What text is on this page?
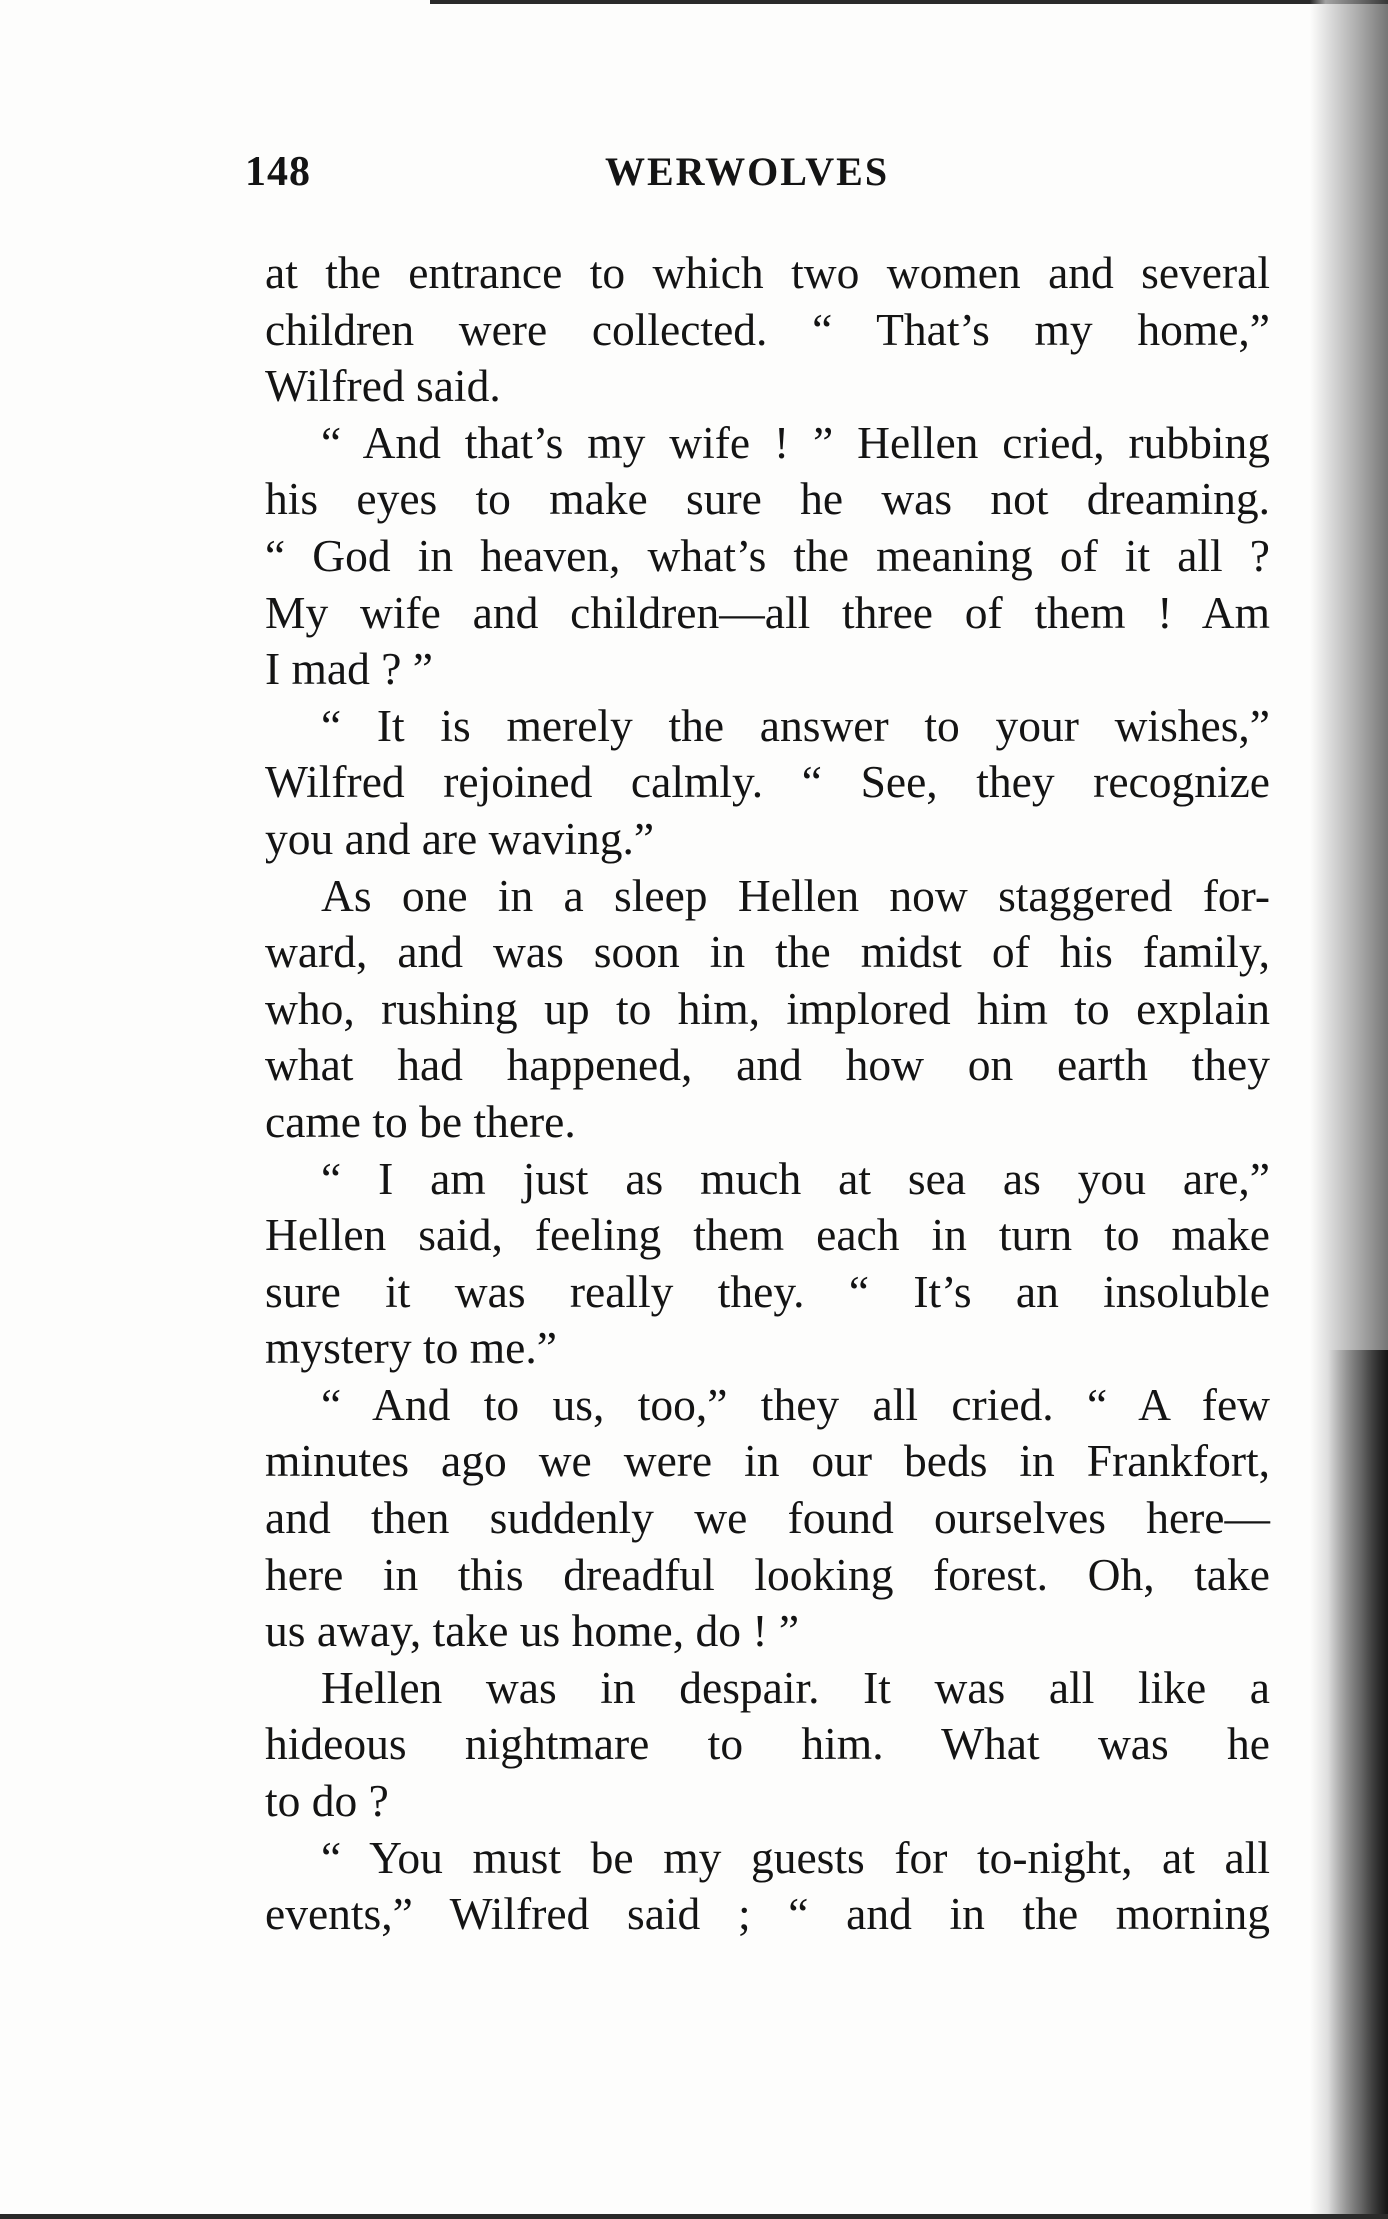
148	WERWOLVES
at the entrance to which two women and several
children were collected. “ That’s my home,”
Wilfred said.
“ And that’s my wife ! ” Hellen cried, rubbing
his eyes to make sure he was not dreaming.
“ God in heaven, what’s the meaning of it all ?
My wife and children—all three of them ! Am
I mad ? ”
“ It is merely the answer to your wishes,”
Wilfred rejoined calmly. “ See, they recognize
you and are waving.”
As one in a sleep Hellen now staggered for-
ward, and was soon in the midst of his family,
who, rushing up to him, implored him to explain
what had happened, and how on earth they
came to be there.
“ I am just as much at sea as you are,”
Hellen said, feeling them each in turn to make
sure it was really they. “ It’s an insoluble
mystery to me.”
“ And to us, too,” they all cried. “ A few
minutes ago we were in our beds in Frankfort,
and then suddenly we found ourselves here—
here in this dreadful looking forest. Oh, take
us away, take us home, do ! ”
Hellen was in despair. It was all like a
hideous nightmare to him. What was he
to do ?
“ You must be my guests for to-night, at all
events,” Wilfred said ; “ and in the morning
